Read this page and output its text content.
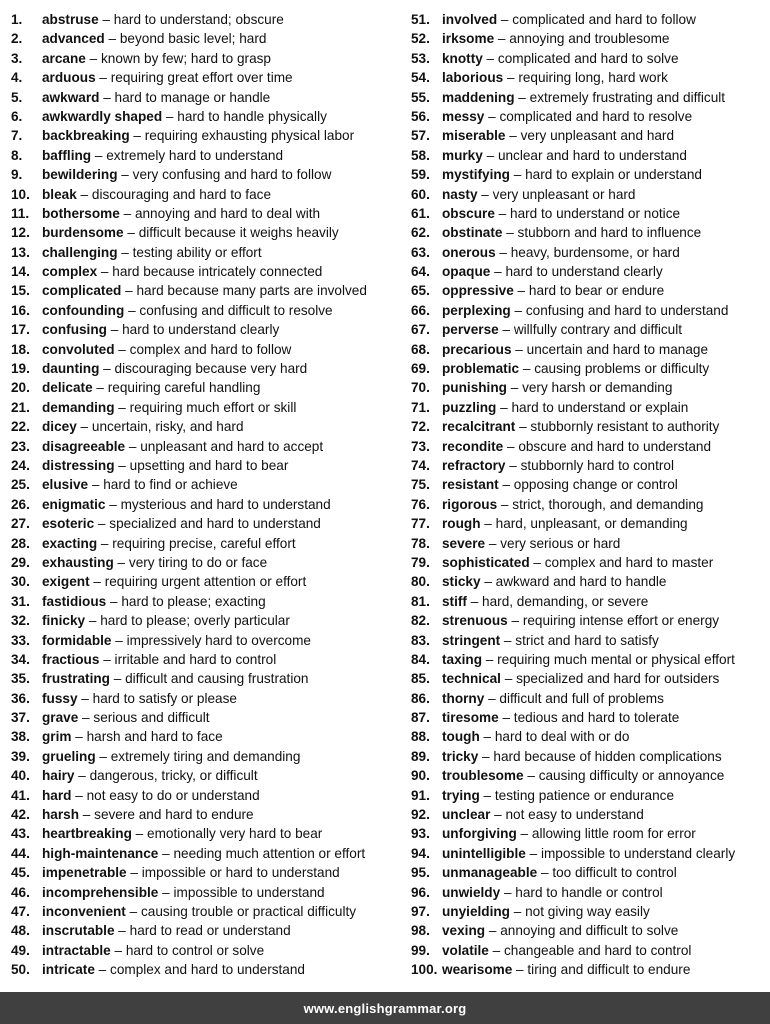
1. abstruse – hard to understand; obscure
2. advanced – beyond basic level; hard
3. arcane – known by few; hard to grasp
4. arduous – requiring great effort over time
5. awkward – hard to manage or handle
6. awkwardly shaped – hard to handle physically
7. backbreaking – requiring exhausting physical labor
8. baffling – extremely hard to understand
9. bewildering – very confusing and hard to follow
10. bleak – discouraging and hard to face
11. bothersome – annoying and hard to deal with
12. burdensome – difficult because it weighs heavily
13. challenging – testing ability or effort
14. complex – hard because intricately connected
15. complicated – hard because many parts are involved
16. confounding – confusing and difficult to resolve
17. confusing – hard to understand clearly
18. convoluted – complex and hard to follow
19. daunting – discouraging because very hard
20. delicate – requiring careful handling
21. demanding – requiring much effort or skill
22. dicey – uncertain, risky, and hard
23. disagreeable – unpleasant and hard to accept
24. distressing – upsetting and hard to bear
25. elusive – hard to find or achieve
26. enigmatic – mysterious and hard to understand
27. esoteric – specialized and hard to understand
28. exacting – requiring precise, careful effort
29. exhausting – very tiring to do or face
30. exigent – requiring urgent attention or effort
31. fastidious – hard to please; exacting
32. finicky – hard to please; overly particular
33. formidable – impressively hard to overcome
34. fractious – irritable and hard to control
35. frustrating – difficult and causing frustration
36. fussy – hard to satisfy or please
37. grave – serious and difficult
38. grim – harsh and hard to face
39. grueling – extremely tiring and demanding
40. hairy – dangerous, tricky, or difficult
41. hard – not easy to do or understand
42. harsh – severe and hard to endure
43. heartbreaking – emotionally very hard to bear
44. high-maintenance – needing much attention or effort
45. impenetrable – impossible or hard to understand
46. incomprehensible – impossible to understand
47. inconvenient – causing trouble or practical difficulty
48. inscrutable – hard to read or understand
49. intractable – hard to control or solve
50. intricate – complex and hard to understand
51. involved – complicated and hard to follow
52. irksome – annoying and troublesome
53. knotty – complicated and hard to solve
54. laborious – requiring long, hard work
55. maddening – extremely frustrating and difficult
56. messy – complicated and hard to resolve
57. miserable – very unpleasant and hard
58. murky – unclear and hard to understand
59. mystifying – hard to explain or understand
60. nasty – very unpleasant or hard
61. obscure – hard to understand or notice
62. obstinate – stubborn and hard to influence
63. onerous – heavy, burdensome, or hard
64. opaque – hard to understand clearly
65. oppressive – hard to bear or endure
66. perplexing – confusing and hard to understand
67. perverse – willfully contrary and difficult
68. precarious – uncertain and hard to manage
69. problematic – causing problems or difficulty
70. punishing – very harsh or demanding
71. puzzling – hard to understand or explain
72. recalcitrant – stubbornly resistant to authority
73. recondite – obscure and hard to understand
74. refractory – stubbornly hard to control
75. resistant – opposing change or control
76. rigorous – strict, thorough, and demanding
77. rough – hard, unpleasant, or demanding
78. severe – very serious or hard
79. sophisticated – complex and hard to master
80. sticky – awkward and hard to handle
81. stiff – hard, demanding, or severe
82. strenuous – requiring intense effort or energy
83. stringent – strict and hard to satisfy
84. taxing – requiring much mental or physical effort
85. technical – specialized and hard for outsiders
86. thorny – difficult and full of problems
87. tiresome – tedious and hard to tolerate
88. tough – hard to deal with or do
89. tricky – hard because of hidden complications
90. troublesome – causing difficulty or annoyance
91. trying – testing patience or endurance
92. unclear – not easy to understand
93. unforgiving – allowing little room for error
94. unintelligible – impossible to understand clearly
95. unmanageable – too difficult to control
96. unwieldy – hard to handle or control
97. unyielding – not giving way easily
98. vexing – annoying and difficult to solve
99. volatile – changeable and hard to control
100. wearisome – tiring and difficult to endure
www.englishgrammar.org
